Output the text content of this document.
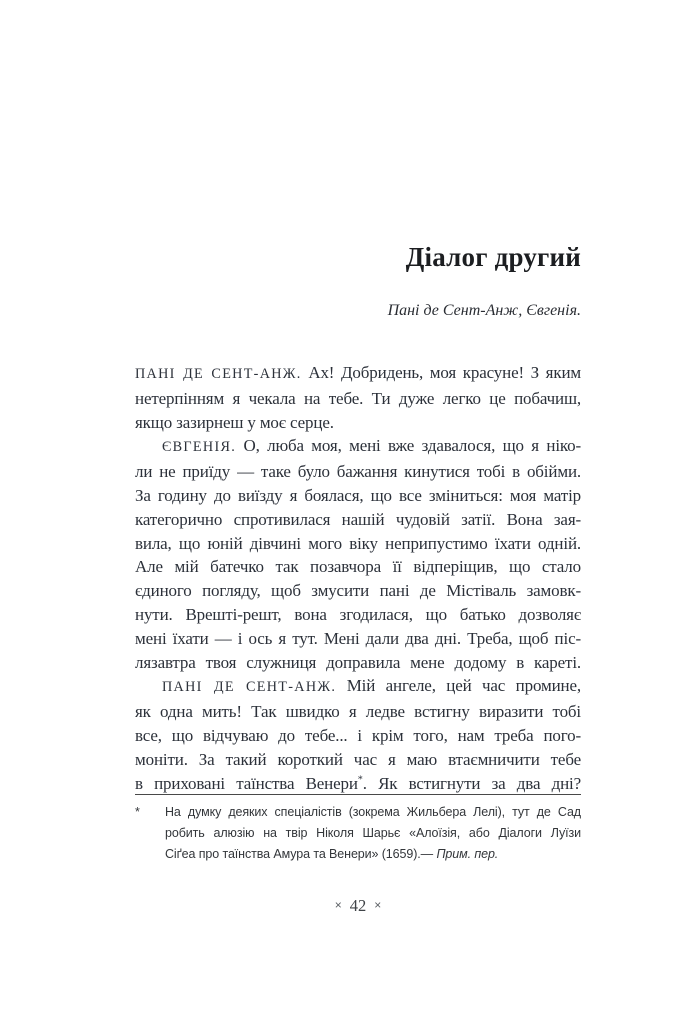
Діалог другий
Пані де Сент-Анж, Євгенія.
ПАНІ ДЕ СЕНТ-АНЖ. Ах! Добридень, моя красуне! З яким
нетерпінням я чекала на тебе. Ти дуже легко це побачиш,
якщо зазирнеш у моє серце.
ЄВГЕНІЯ. О, люба моя, мені вже здавалося, що я ніко-
ли не приїду — таке було бажання кинутися тобі в обійми.
За годину до виїзду я боялася, що все зміниться: моя матір
категорично спротивилася нашій чудовій затії. Вона зая-
вила, що юній дівчині мого віку неприпустимо їхати одній.
Але мій батечко так позавчора її відперіщив, що стало
єдиного погляду, щоб змусити пані де Містіваль замовк-
нути. Врешті-решт, вона згодилася, що батько дозволяє
мені їхати — і ось я тут. Мені дали два дні. Треба, щоб піс-
лязавтра твоя служниця доправила мене додому в кареті.
ПАНІ ДЕ СЕНТ-АНЖ. Мій ангеле, цей час промине,
як одна мить! Так швидко я ледве встигну виразити тобі
все, що відчуваю до тебе... і крім того, нам треба пого-
моніти. За такий короткий час я маю втаємничити тебе
в приховані таїнства Венери*. Як встигнути за два дні?
*	На думку деяких спеціалістів (зокрема Жильбера Лелі), тут де Сад
робить алюзію на твір Ніколя Шарьє «Алоїзія, або Діалоги Луїзи
Сіґеа про таїнства Амура та Венери» (1659).— Прим. пер.
× 42 ×
